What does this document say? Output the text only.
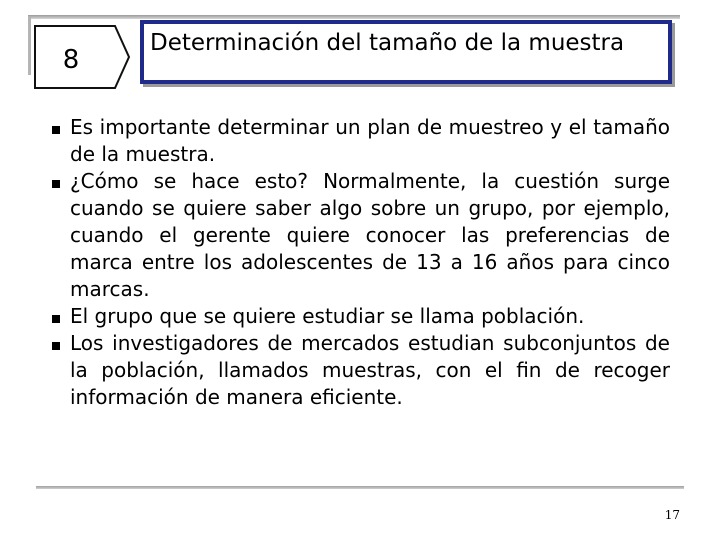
8
Determinación del tamaño de la muestra
Es importante determinar un plan de muestreo y el tamaño de la muestra.
¿Cómo se hace esto? Normalmente, la cuestión surge cuando se quiere saber algo sobre un grupo, por ejemplo, cuando el gerente quiere conocer las preferencias de marca entre los adolescentes de 13 a 16 años para cinco marcas.
El grupo que se quiere estudiar se llama población.
Los investigadores de mercados estudian subconjuntos de la población, llamados muestras, con el fin de recoger información de manera eficiente.
17
